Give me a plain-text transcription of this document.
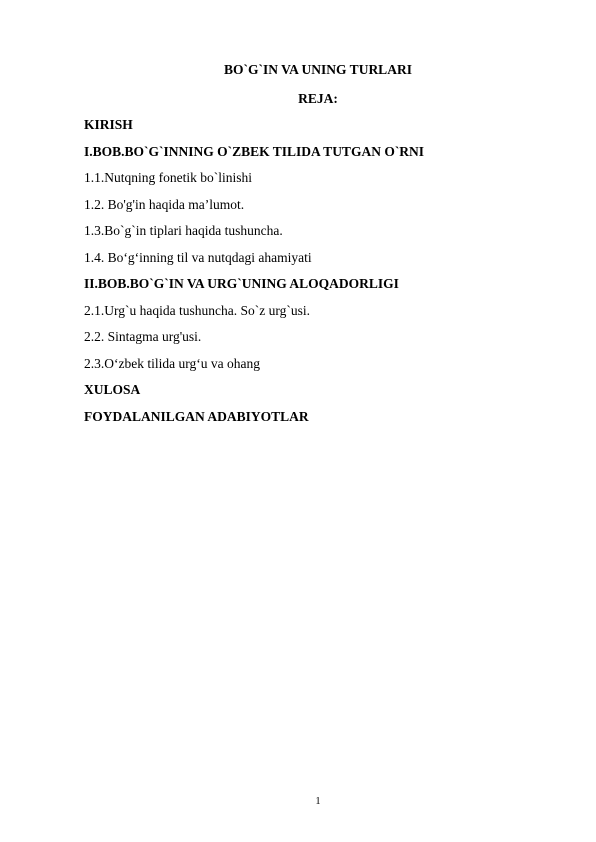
BO`G`IN VA UNING TURLARI
REJA:
KIRISH
I.BOB.BO`G`INNING O`ZBEK TILIDA TUTGAN O`RNI
1.1.Nutqning fonetik bo`linishi
1.2. Bo'g'in haqida ma’lumot.
1.3.Bo`g`in tiplari haqida tushuncha.
1.4. Bo‘g‘inning til va nutqdagi ahamiyati
II.BOB.BO`G`IN VA URG`UNING ALOQADORLIGI
2.1.Urg`u haqida tushuncha. So`z urg`usi.
2.2. Sintagma urg'usi.
2.3.O‘zbek tilida urg‘u va ohang
XULOSA
FOYDALANILGAN ADABIYOTLAR
1
